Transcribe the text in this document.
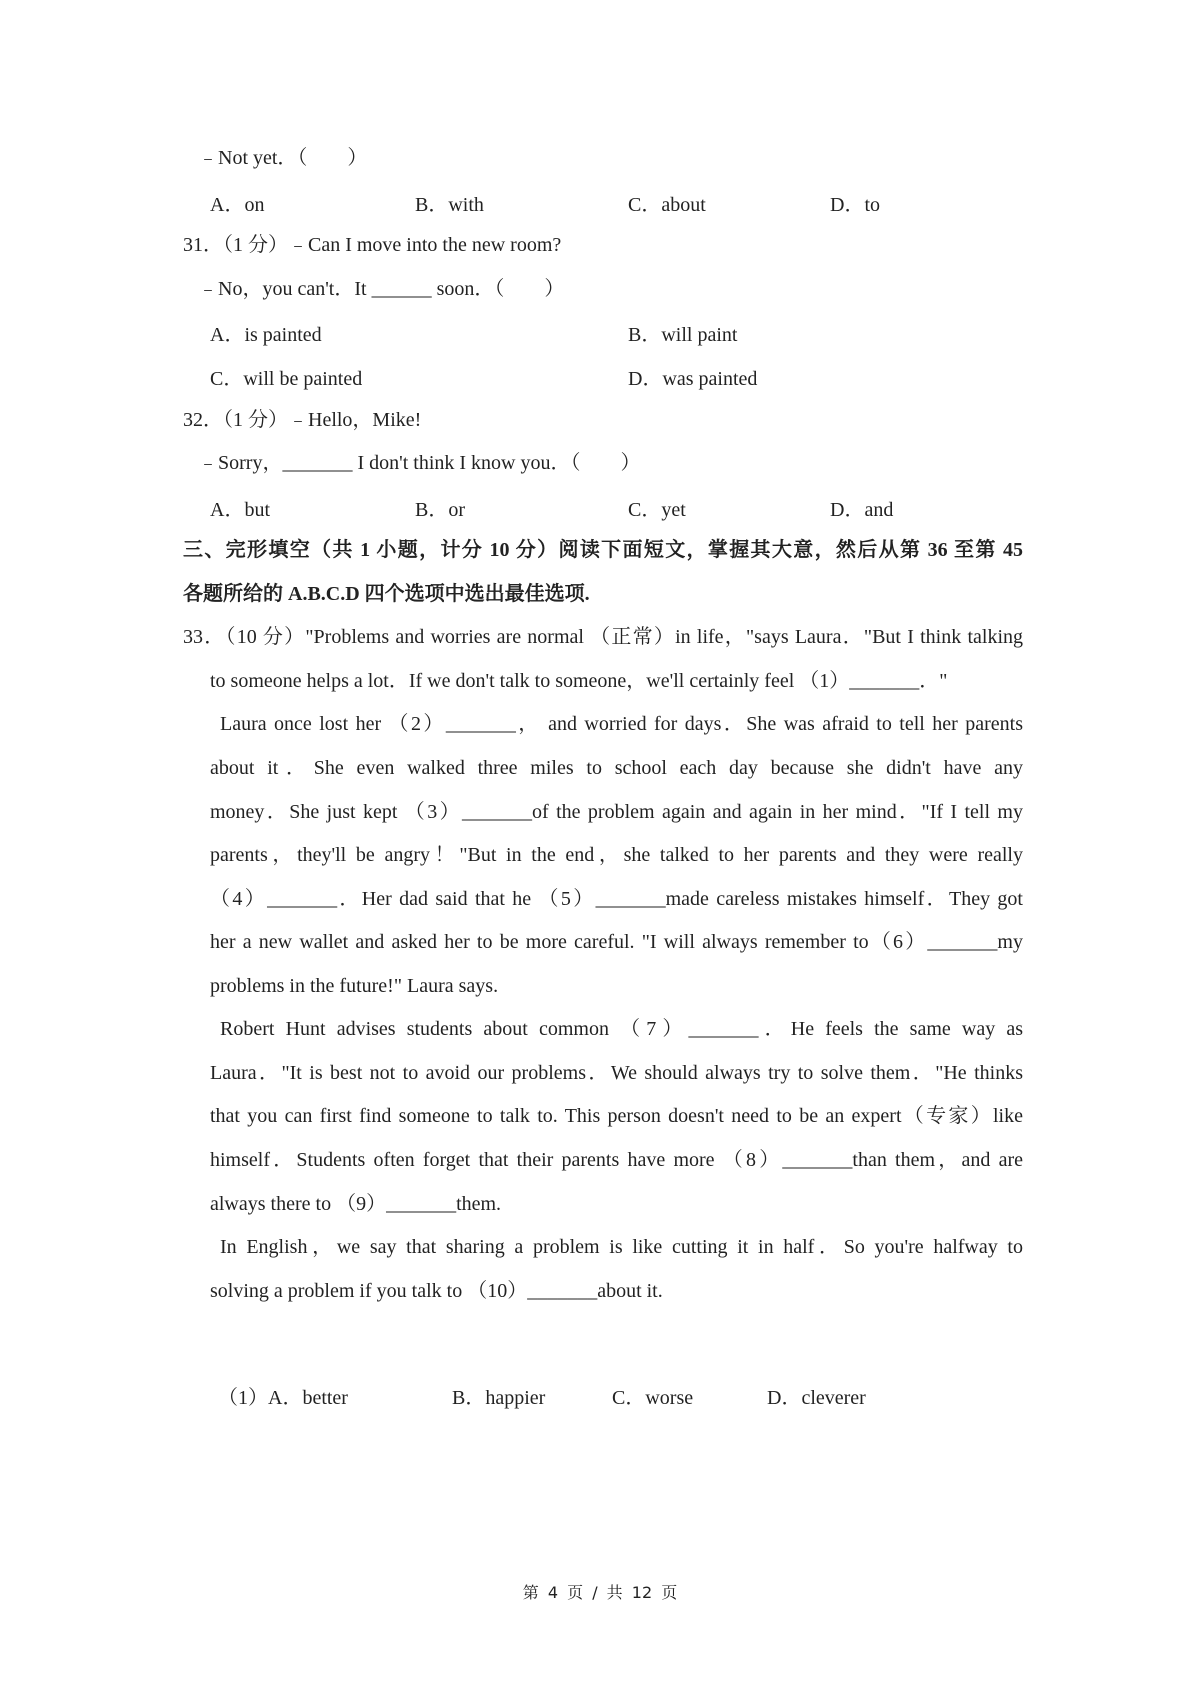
﹣Not yet．（　　）
A．on	B．with	C．about	D．to
31．（1 分）﹣Can I move into the new room?
﹣No，you can't．It ______ soon．（　　）
A．is painted	B．will paint
C．will be painted	D．was painted
32．（1 分）﹣Hello，Mike!
﹣Sorry，_______ I don't think I know you．（　　）
A．but	B．or	C．yet	D．and
三、完形填空（共 1 小题，计分 10 分）阅读下面短文，掌握其大意，然后从第 36 至第 45
各题所给的 A.B.C.D 四个选项中选出最佳选项.
33．（10 分）"Problems and worries are normal （正常）in life，"says Laura．"But I think talking
to someone helps a lot．If we don't talk to someone，we'll certainly feel （1）_______．"
Laura once lost her （2）_______， and worried for days．She was afraid to tell her parents
about it．She even walked three miles to school each day because she didn't have any
money．She just kept （3）_______of the problem again and again in her mind．"If I tell my
parents，they'll be angry！"But in the end，she talked to her parents and they were really
（4）_______．Her dad said that he （5）_______made careless mistakes himself．They got
her a new wallet and asked her to be more careful. "I will always remember to（6）_______my
problems in the future!" Laura says.
Robert Hunt advises students about common （7）_______．He feels the same way as
Laura．"It is best not to avoid our problems．We should always try to solve them．"He thinks
that you can first find someone to talk to. This person doesn't need to be an expert（专家）like
himself．Students often forget that their parents have more （8）_______than them，and are
always there to （9）_______them.
In English，we say that sharing a problem is like cutting it in half．So you're halfway to
solving a problem if you talk to （10）_______about it.
（1）A．better	B．happier	C．worse	D．cleverer
第 4 页 / 共 12 页
